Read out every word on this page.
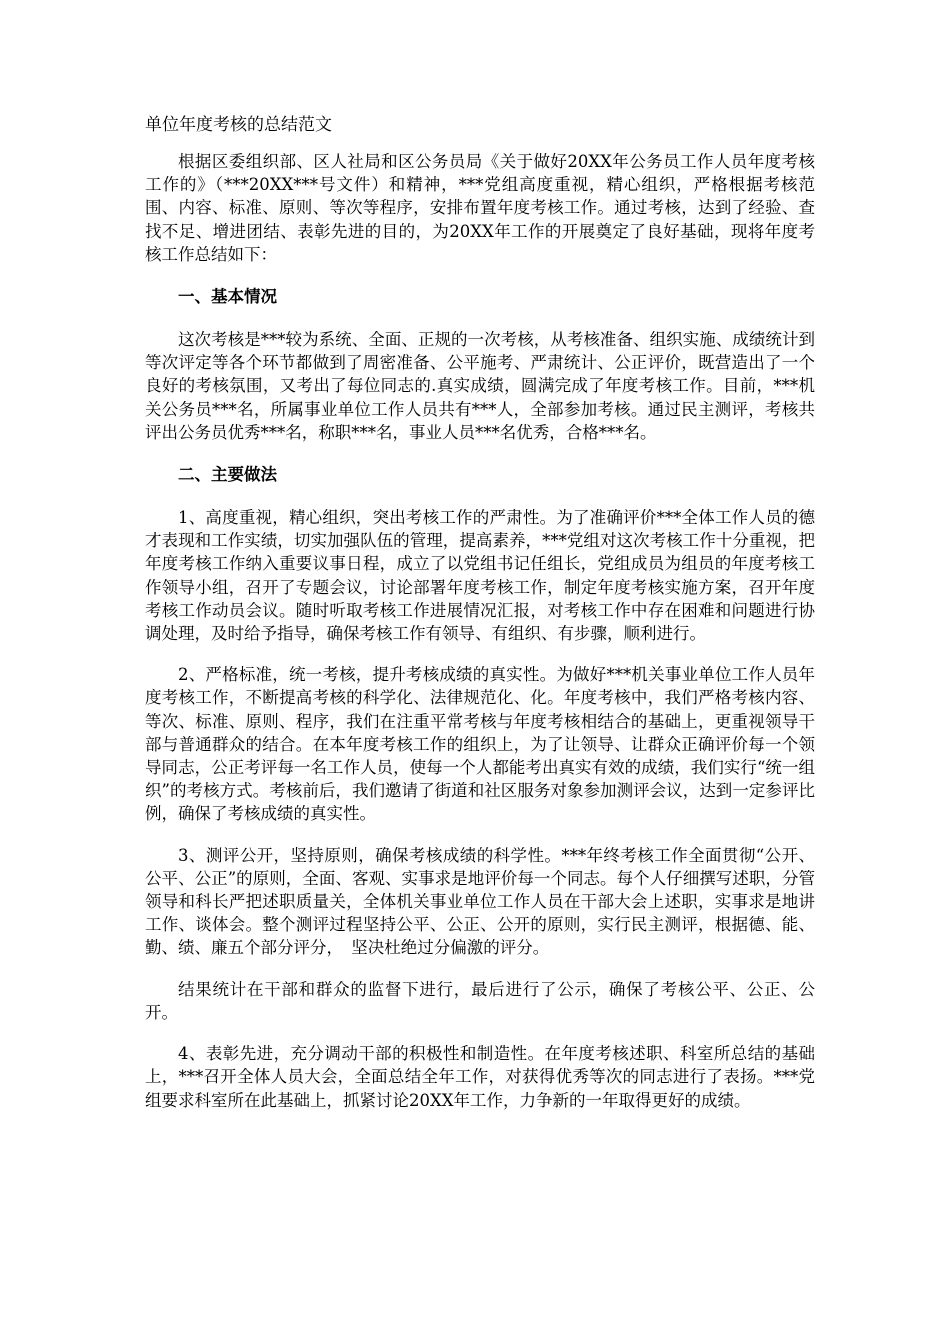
单位年度考核的总结范文

根据区委组织部、区人社局和区公务员局《关于做好20XX年公务员工作人员年度考核工作的》（***20XX***号文件）和精神，***党组高度重视，精心组织，严格根据考核范围、内容、标准、原则、等次等程序，安排布置年度考核工作。通过考核，达到了经验、查找不足、增进团结、表彰先进的目的，为20XX年工作的开展奠定了良好基础，现将年度考核工作总结如下：

一、基本情况

这次考核是***较为系统、全面、正规的一次考核，从考核准备、组织实施、成绩统计到等次评定等各个环节都做到了周密准备、公平施考、严肃统计、公正评价，既营造出了一个良好的考核氛围，又考出了每位同志的.真实成绩，圆满完成了年度考核工作。目前，***机关公务员***名，所属事业单位工作人员共有***人，全部参加考核。通过民主测评，考核共评出公务员优秀***名，称职***名，事业人员***名优秀，合格***名。

二、主要做法

1、高度重视，精心组织，突出考核工作的严肃性。为了准确评价***全体工作人员的德才表现和工作实绩，切实加强队伍的管理，提高素养，***党组对这次考核工作十分重视，把年度考核工作纳入重要议事日程，成立了以党组书记任组长，党组成员为组员的年度考核工作领导小组，召开了专题会议，讨论部署年度考核工作，制定年度考核实施方案，召开年度考核工作动员会议。随时听取考核工作进展情况汇报，对考核工作中存在困难和问题进行协调处理，及时给予指导，确保考核工作有领导、有组织、有步骤，顺利进行。

2、严格标准，统一考核，提升考核成绩的真实性。为做好***机关事业单位工作人员年度考核工作，不断提高考核的科学化、法律规范化、化。年度考核中，我们严格考核内容、等次、标准、原则、程序，我们在注重平常考核与年度考核相结合的基础上，更重视领导干部与普通群众的结合。在本年度考核工作的组织上，为了让领导、让群众正确评价每一个领导同志，公正考评每一名工作人员，使每一个人都能考出真实有效的成绩，我们实行“统一组织”的考核方式。考核前后，我们邀请了街道和社区服务对象参加测评会议，达到一定参评比例，确保了考核成绩的真实性。

3、测评公开，坚持原则，确保考核成绩的科学性。***年终考核工作全面贯彻“公开、公平、公正”的原则，全面、客观、实事求是地评价每一个同志。每个人仔细撰写述职，分管领导和科长严把述职质量关，全体机关事业单位工作人员在干部大会上述职，实事求是地讲工作、谈体会。整个测评过程坚持公平、公正、公开的原则，实行民主测评，根据德、能、勤、绩、廉五个部分评分，　坚决杜绝过分偏激的评分。

结果统计在干部和群众的监督下进行，最后进行了公示，确保了考核公平、公正、公开。

4、表彰先进，充分调动干部的积极性和制造性。在年度考核述职、科室所总结的基础上，***召开全体人员大会，全面总结全年工作，对获得优秀等次的同志进行了表扬。***党组要求科室所在此基础上，抓紧讨论20XX年工作，力争新的一年取得更好的成绩。
